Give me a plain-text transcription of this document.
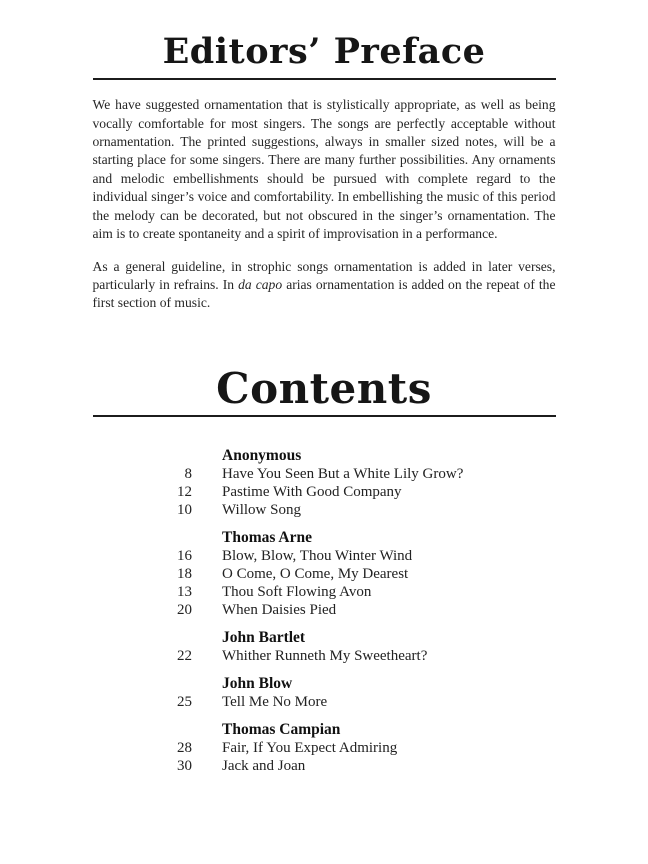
Editors’ Preface

We have suggested ornamentation that is stylistically appropriate, as well as being vocally comfortable for most singers. The songs are perfectly acceptable without ornamentation. The printed suggestions, always in smaller sized notes, will be a starting place for some singers. There are many further possibilities. Any ornaments and melodic embellishments should be pursued with complete regard to the individual singer’s voice and comfortability. In embellishing the music of this period the melody can be decorated, but not obscured in the singer’s ornamentation. The aim is to create spontaneity and a spirit of improvisation in a performance.

As a general guideline, in strophic songs ornamentation is added in later verses, particularly in refrains. In da capo arias ornamentation is added on the repeat of the first section of music.

Contents
Anonymous
8 Have You Seen But a White Lily Grow?
12 Pastime With Good Company
10 Willow Song
Thomas Arne
16 Blow, Blow, Thou Winter Wind
18 O Come, O Come, My Dearest
13 Thou Soft Flowing Avon
20 When Daisies Pied
John Bartlet
22 Whither Runneth My Sweetheart?
John Blow
25 Tell Me No More
Thomas Campian
28 Fair, If You Expect Admiring
30 Jack and Joan
